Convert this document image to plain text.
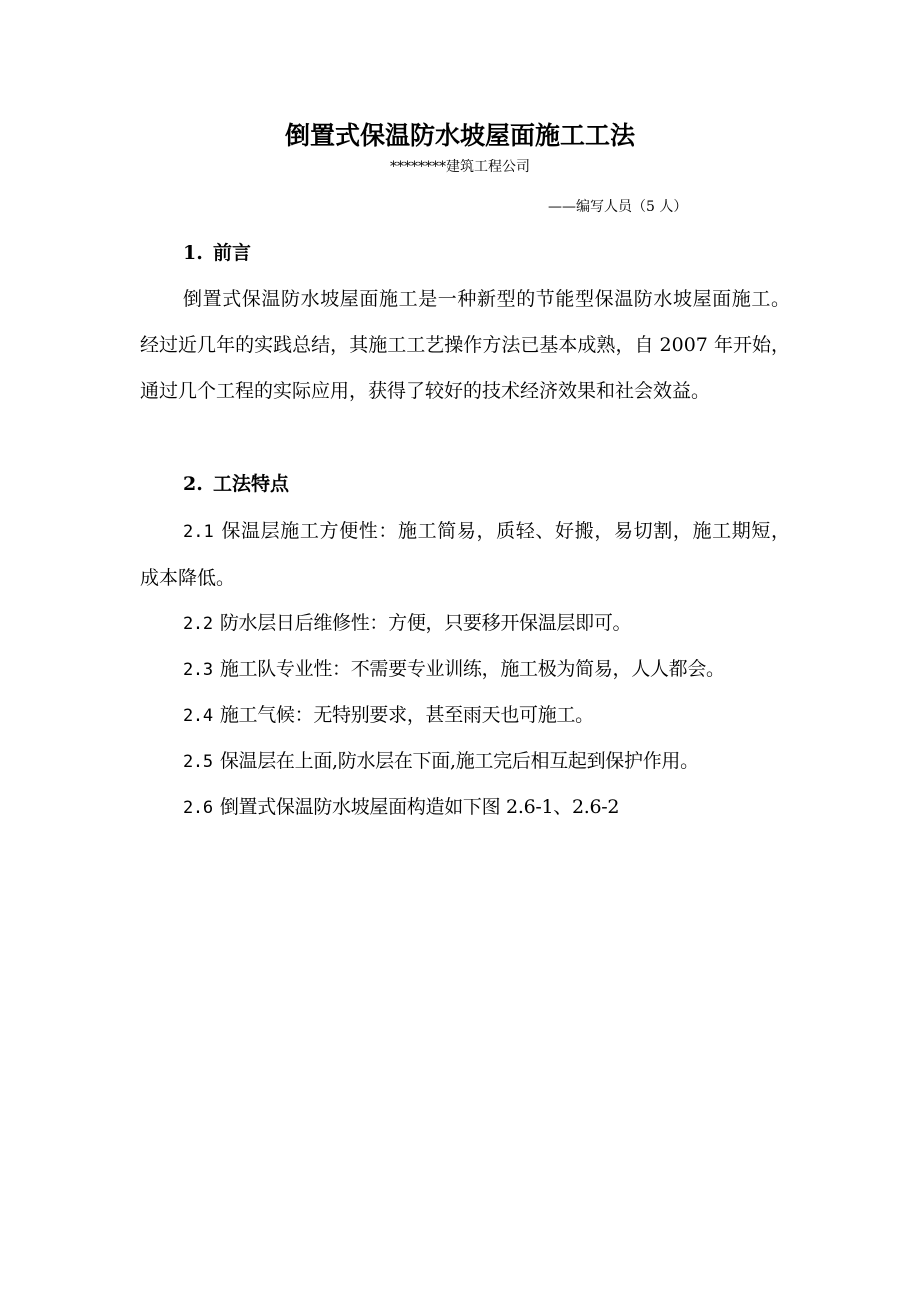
倒置式保温防水坡屋面施工工法
********建筑工程公司
——编写人员（5 人）
1. 前言
倒置式保温防水坡屋面施工是一种新型的节能型保温防水坡屋面施工。经过近几年的实践总结，其施工工艺操作方法已基本成熟，自 2007 年开始，通过几个工程的实际应用，获得了较好的技术经济效果和社会效益。
2. 工法特点
2.1 保温层施工方便性：施工简易，质轻、好搬，易切割，施工期短，成本降低。
2.2 防水层日后维修性：方便，只要移开保温层即可。
2.3 施工队专业性：不需要专业训练，施工极为简易，人人都会。
2.4 施工气候：无特别要求，甚至雨天也可施工。
2.5 保温层在上面,防水层在下面,施工完后相互起到保护作用。
2.6 倒置式保温防水坡屋面构造如下图 2.6-1、2.6-2
